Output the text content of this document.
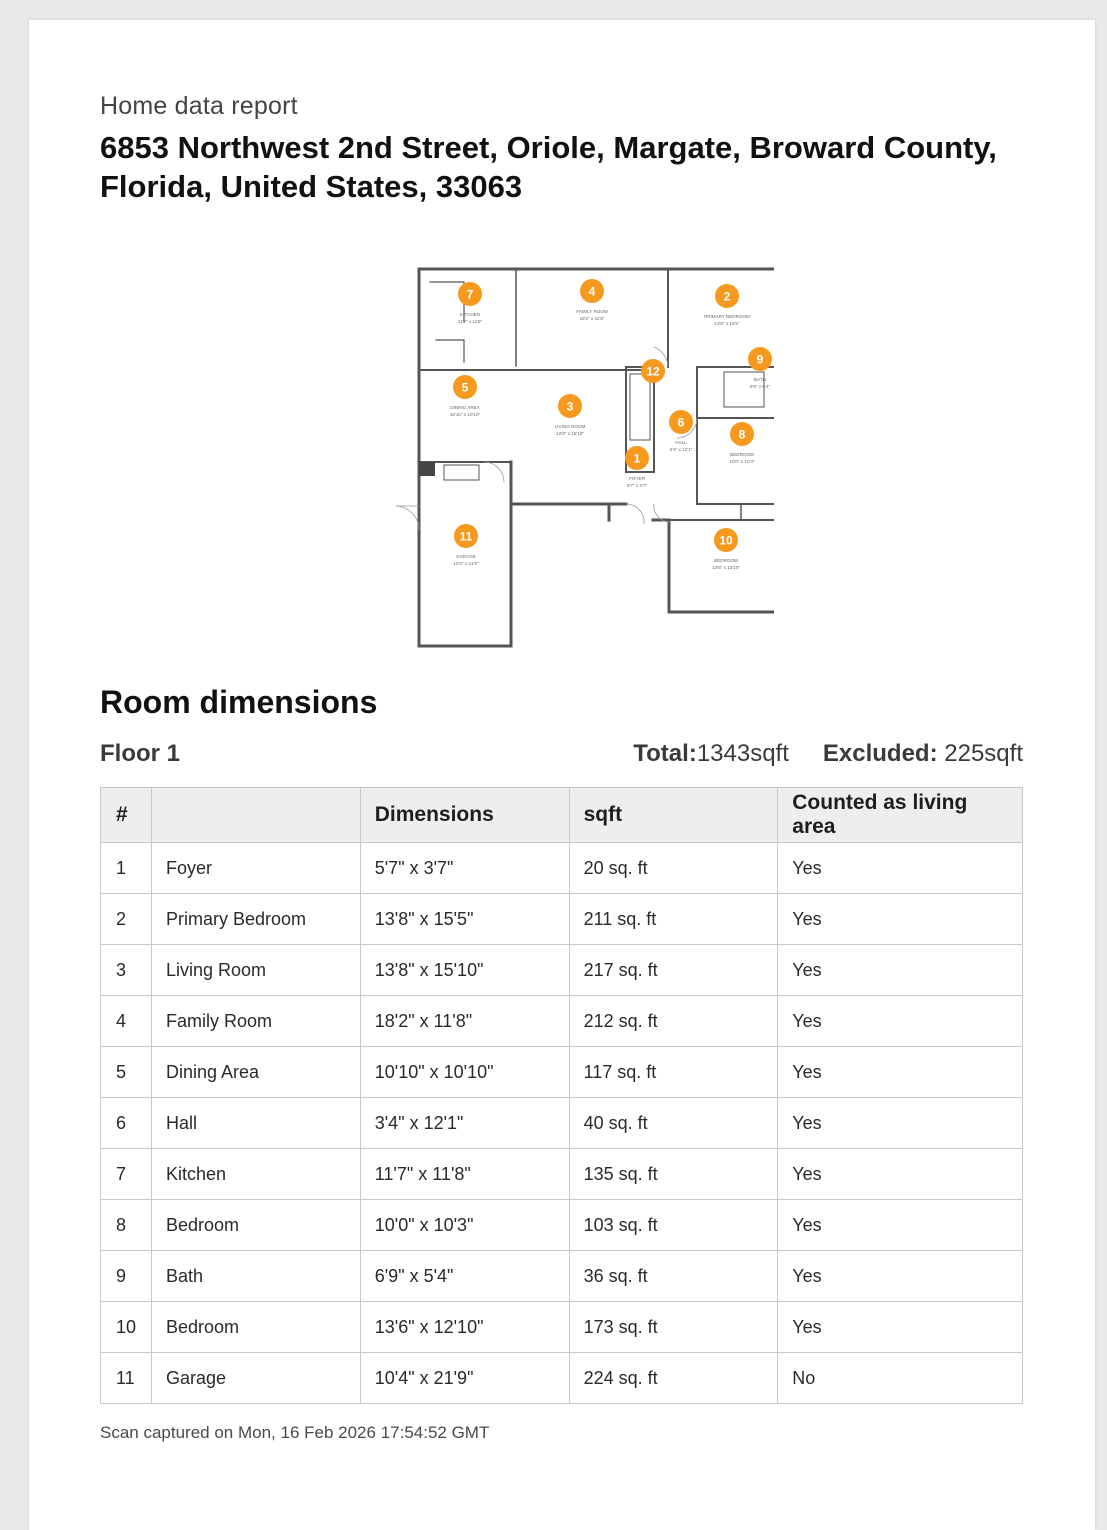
Home data report
6853 Northwest 2nd Street, Oriole, Margate, Broward County, Florida, United States, 33063
FOYER
5'7" x 3'7"
PRIMARY BEDROOM
13'8" x 15'5"
LIVING ROOM
13'8" x 15'10"
FAMILY ROOM
18'2" x 11'8"
DINING AREA
10'10" x 10'10"
HALL
3'4" x 12'1"
KITCHEN
11'7" x 11'8"
BEDROOM
10'0" x 10'3"
BATH
6'9" x 5'4"
BEDROOM
13'6" x 12'10"
GARAGE
10'4" x 21'9"
1
2
3
4
5
6
7
8
9
10
11
12
Room dimensions
Floor 1	Total:1343sqft Excluded: 225sqft
#		Dimensions	sqft	Counted as living area
1	Foyer	5'7" x 3'7"	20 sq. ft	Yes
2	Primary Bedroom	13'8" x 15'5"	211 sq. ft	Yes
3	Living Room	13'8" x 15'10"	217 sq. ft	Yes
4	Family Room	18'2" x 11'8"	212 sq. ft	Yes
5	Dining Area	10'10" x 10'10"	117 sq. ft	Yes
6	Hall	3'4" x 12'1"	40 sq. ft	Yes
7	Kitchen	11'7" x 11'8"	135 sq. ft	Yes
8	Bedroom	10'0" x 10'3"	103 sq. ft	Yes
9	Bath	6'9" x 5'4"	36 sq. ft	Yes
10	Bedroom	13'6" x 12'10"	173 sq. ft	Yes
11	Garage	10'4" x 21'9"	224 sq. ft	No
Scan captured on Mon, 16 Feb 2026 17:54:52 GMT
